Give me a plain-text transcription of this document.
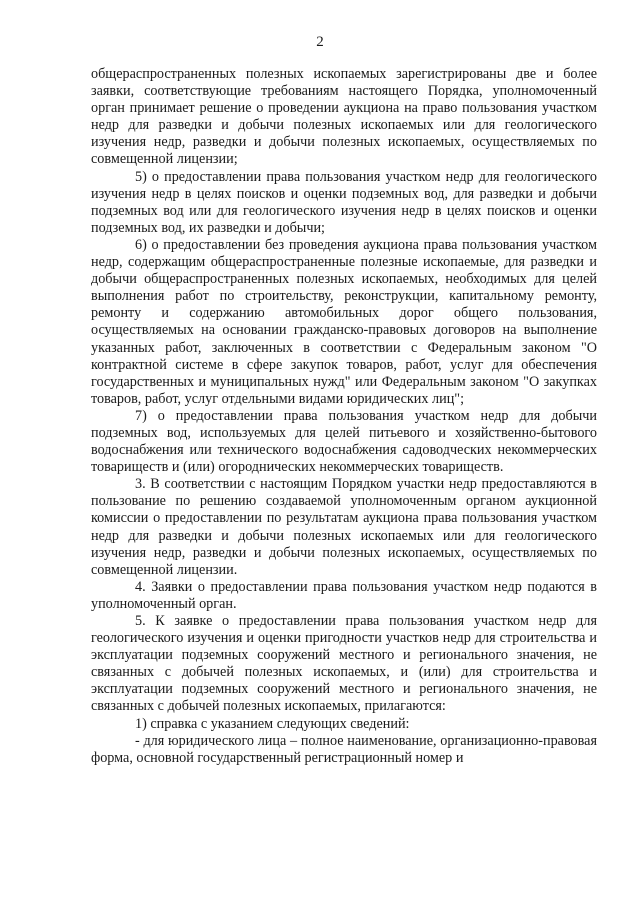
2

общераспространенных полезных ископаемых зарегистрированы две и более заявки, соответствующие требованиям настоящего Порядка, уполномоченный орган принимает решение о проведении аукциона на право пользования участком недр для разведки и добычи полезных ископаемых или для геологического изучения недр, разведки и добычи полезных ископаемых, осуществляемых по совмещенной лицензии;

5) о предоставлении права пользования участком недр для геологического изучения недр в целях поисков и оценки подземных вод, для разведки и добычи подземных вод или для геологического изучения недр в целях поисков и оценки подземных вод, их разведки и добычи;

6) о предоставлении без проведения аукциона права пользования участком недр, содержащим общераспространенные полезные ископаемые, для разведки и добычи общераспространенных полезных ископаемых, необходимых для целей выполнения работ по строительству, реконструкции, капитальному ремонту, ремонту и содержанию автомобильных дорог общего пользования, осуществляемых на основании гражданско-правовых договоров на выполнение указанных работ, заключенных в соответствии с Федеральным законом "О контрактной системе в сфере закупок товаров, работ, услуг для обеспечения государственных и муниципальных нужд" или Федеральным законом "О закупках товаров, работ, услуг отдельными видами юридических лиц";

7) о предоставлении права пользования участком недр для добычи подземных вод, используемых для целей питьевого и хозяйственно-бытового водоснабжения или технического водоснабжения садоводческих некоммерческих товариществ и (или) огороднических некоммерческих товариществ.

3. В соответствии с настоящим Порядком участки недр предоставляются в пользование по решению создаваемой уполномоченным органом аукционной комиссии о предоставлении по результатам аукциона права пользования участком недр для разведки и добычи полезных ископаемых или для геологического изучения недр, разведки и добычи полезных ископаемых, осуществляемых по совмещенной лицензии.

4. Заявки о предоставлении права пользования участком недр подаются в уполномоченный орган.

5. К заявке о предоставлении права пользования участком недр для геологического изучения и оценки пригодности участков недр для строительства и эксплуатации подземных сооружений местного и регионального значения, не связанных с добычей полезных ископаемых, и (или) для строительства и эксплуатации подземных сооружений местного и регионального значения, не связанных с добычей полезных ископаемых, прилагаются:

1) справка с указанием следующих сведений:

- для юридического лица – полное наименование, организационно-правовая форма, основной государственный регистрационный номер и
